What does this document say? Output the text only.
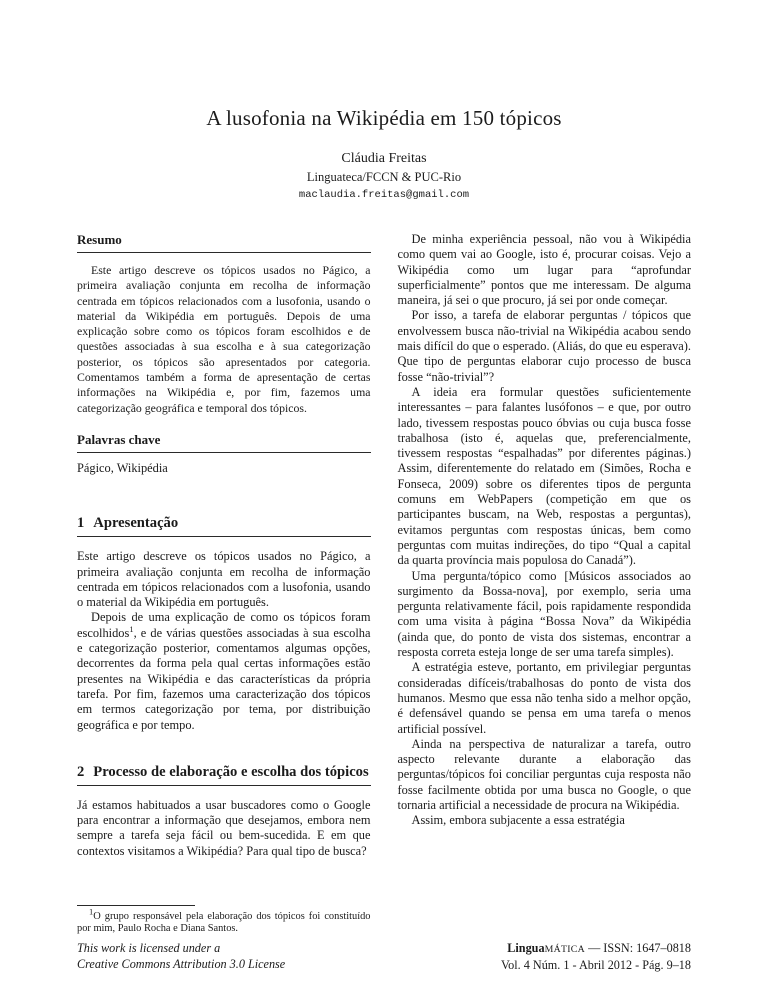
A lusofonia na Wikipédia em 150 tópicos
Cláudia Freitas
Linguateca/FCCN & PUC-Rio
maclaudia.freitas@gmail.com
Resumo

Este artigo descreve os tópicos usados no Págico, a primeira avaliação conjunta em recolha de informação centrada em tópicos relacionados com a lusofonia, usando o material da Wikipédia em português. Depois de uma explicação sobre como os tópicos foram escolhidos e de questões associadas à sua escolha e à sua categorização posterior, os tópicos são apresentados por categoria. Comentamos também a forma de apresentação de certas informações na Wikipédia e, por fim, fazemos uma categorização geográfica e temporal dos tópicos.

Palavras chave

Págico, Wikipédia

1 Apresentação

Este artigo descreve os tópicos usados no Págico, a primeira avaliação conjunta em recolha de informação centrada em tópicos relacionados com a lusofonia, usando o material da Wikipédia em português.

Depois de uma explicação de como os tópicos foram escolhidos$^1$, e de várias questões associadas à sua escolha e categorização posterior, comentamos algumas opções, decorrentes da forma pela qual certas informações estão presentes na Wikipédia e das características da própria tarefa. Por fim, fazemos uma caracterização dos tópicos em termos categorização por tema, por distribuição geográfica e por tempo.

2 Processo de elaboração e escolha dos tópicos

Já estamos habituados a usar buscadores como o Google para encontrar a informação que desejamos, embora nem sempre a tarefa seja fácil ou bem-sucedida. E em que contextos visitamos a Wikipédia? Para qual tipo de busca?

$^1$O grupo responsável pela elaboração dos tópicos foi constituído por mim, Paulo Rocha e Diana Santos.

De minha experiência pessoal, não vou à Wikipédia como quem vai ao Google, isto é, procurar coisas. Vejo a Wikipédia como um lugar para “aprofundar superficialmente” pontos que me interessam. De alguma maneira, já sei o que procuro, já sei por onde começar.

Por isso, a tarefa de elaborar perguntas / tópicos que envolvessem busca não-trivial na Wikipédia acabou sendo mais difícil do que o esperado. (Aliás, do que eu esperava). Que tipo de perguntas elaborar cujo processo de busca fosse “não-trivial”?

A ideia era formular questões suficientemente interessantes – para falantes lusófonos – e que, por outro lado, tivessem respostas pouco óbvias ou cuja busca fosse trabalhosa (isto é, aquelas que, preferencialmente, tivessem respostas “espalhadas” por diferentes páginas.) Assim, diferentemente do relatado em (Simões, Rocha e Fonseca, 2009) sobre os diferentes tipos de pergunta comuns em WebPapers (competição em que os participantes buscam, na Web, respostas a perguntas), evitamos perguntas com respostas únicas, bem como perguntas com muitas indireções, do tipo “Qual a capital da quarta província mais populosa do Canadá”).

Uma pergunta/tópico como [Músicos associados ao surgimento da Bossa-nova], por exemplo, seria uma pergunta relativamente fácil, pois rapidamente respondida com uma visita à página “Bossa Nova” da Wikipédia (ainda que, do ponto de vista dos sistemas, encontrar a resposta correta esteja longe de ser uma tarefa simples).

A estratégia esteve, portanto, em privilegiar perguntas consideradas difíceis/trabalhosas do ponto de vista dos humanos. Mesmo que essa não tenha sido a melhor opção, é defensável quando se pensa em uma tarefa o menos artificial possível.

Ainda na perspectiva de naturalizar a tarefa, outro aspecto relevante durante a elaboração das perguntas/tópicos foi conciliar perguntas cuja resposta não fosse facilmente obtida por uma busca no Google, o que tornaria artificial a necessidade de procura na Wikipédia.

Assim, embora subjacente a essa estratégia

This work is licensed under a
Creative Commons Attribution 3.0 License
LinguaMÁTICA — ISSN: 1647–0818
Vol. 4 Núm. 1 - Abril 2012 - Pág. 9–18
